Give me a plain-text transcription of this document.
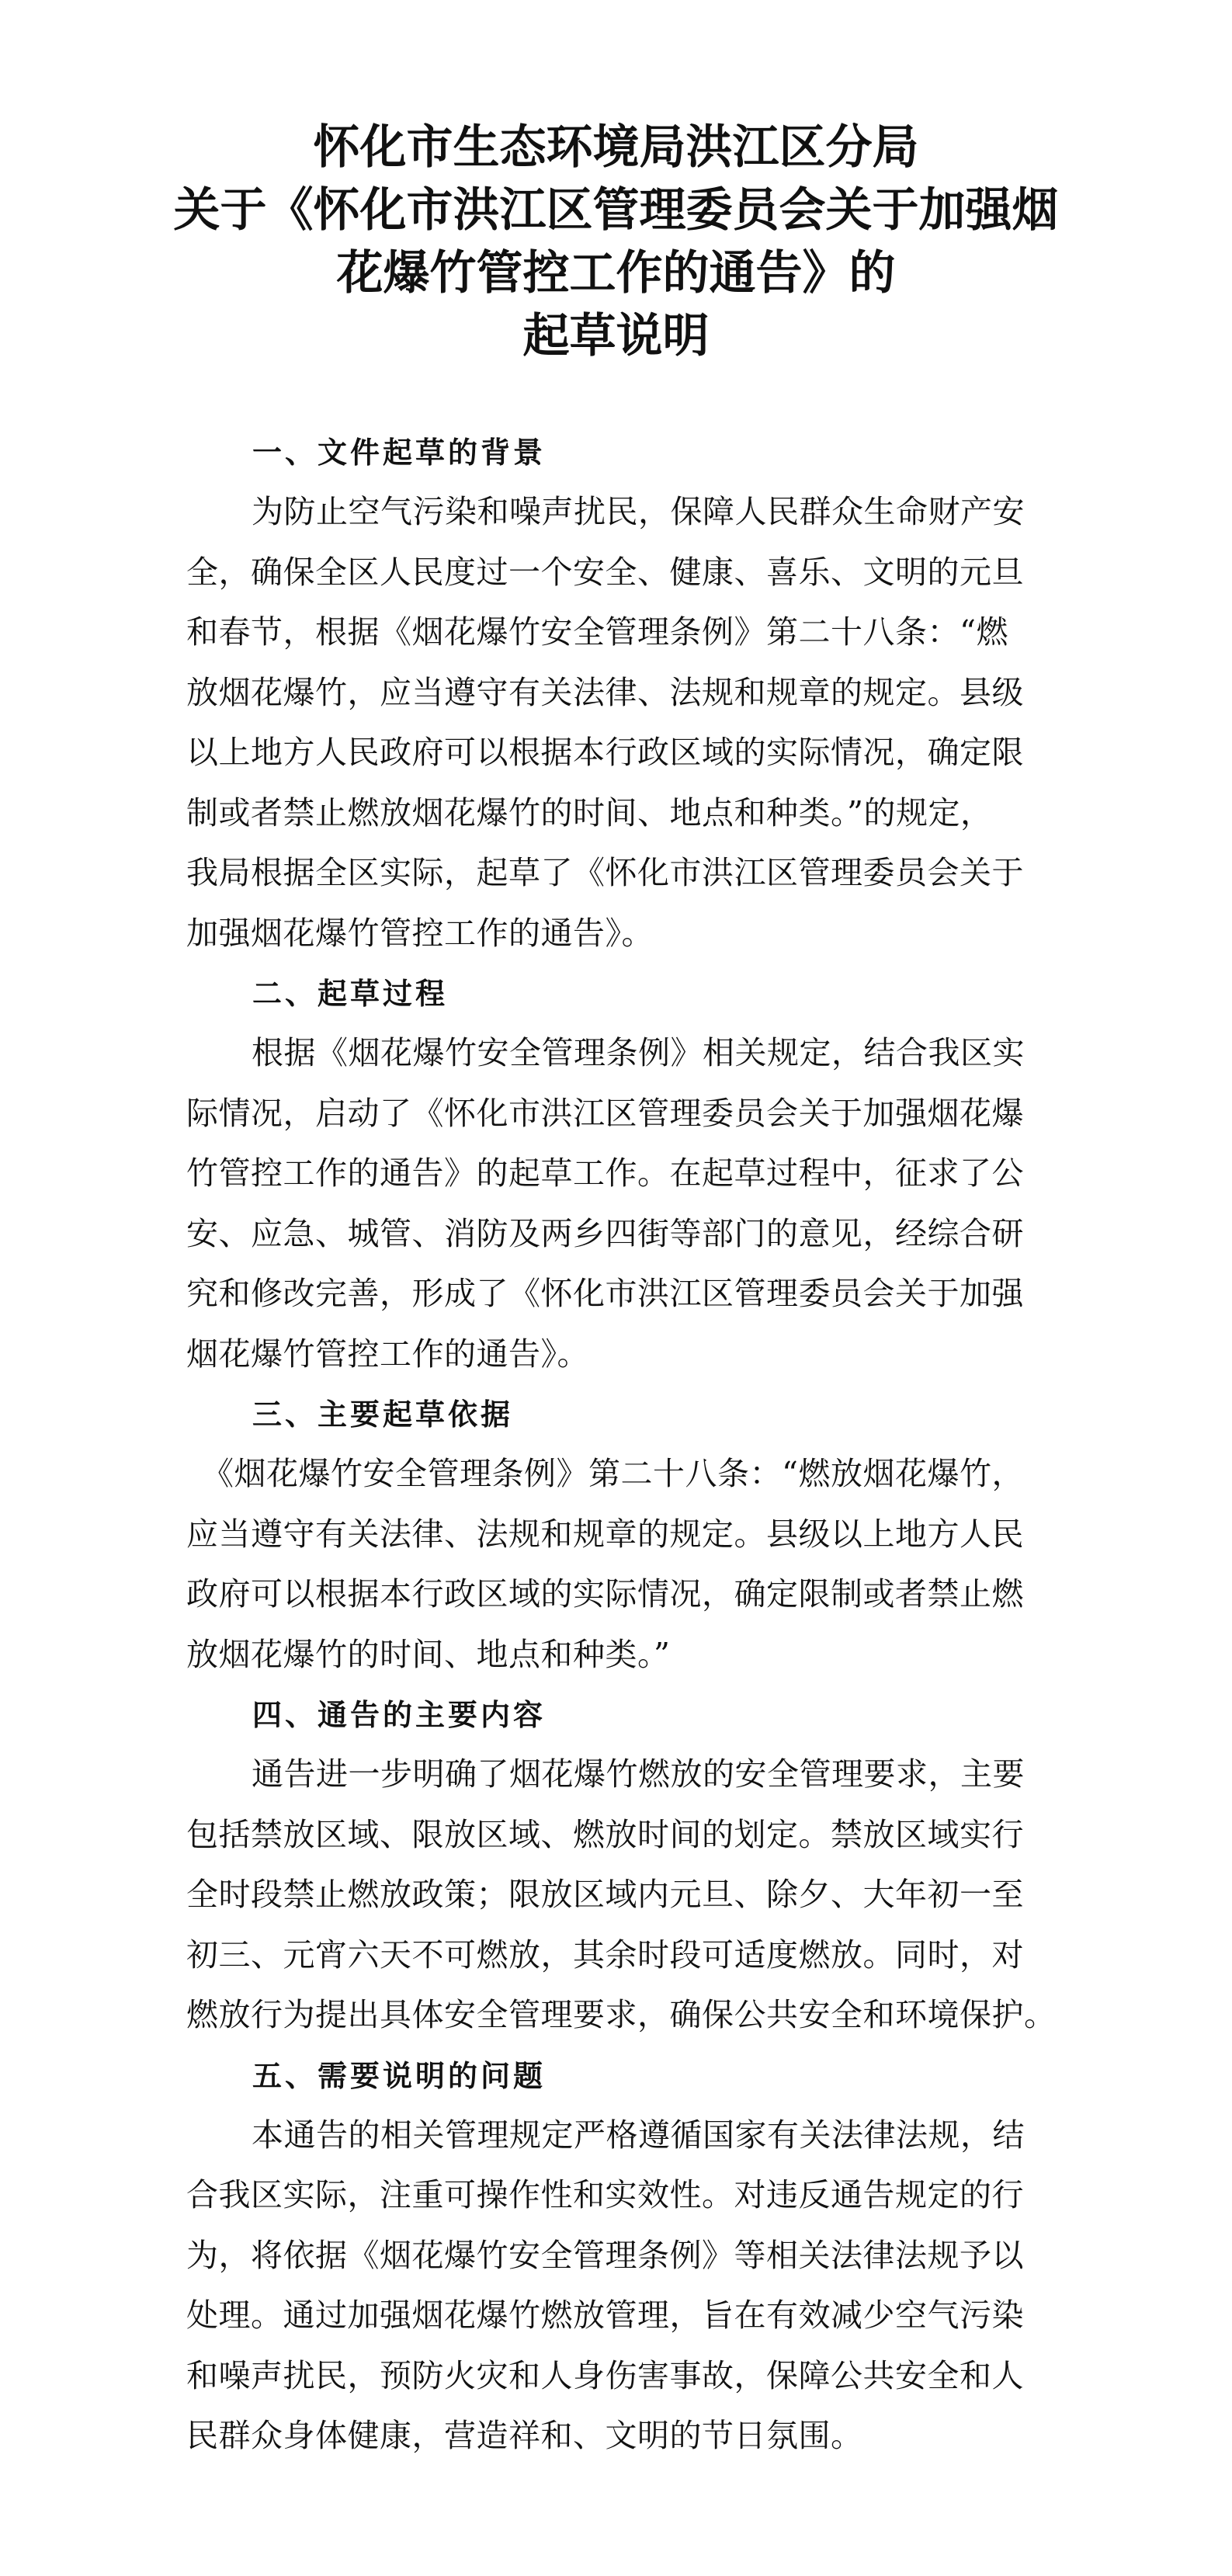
怀化市生态环境局洪江区分局
关于《怀化市洪江区管理委员会关于加强烟
花爆竹管控工作的通告》的
起草说明
一、文件起草的背景
为防止空气污染和噪声扰民，保障人民群众生命财产安
全，确保全区人民度过一个安全、健康、喜乐、文明的元旦
和春节，根据《烟花爆竹安全管理条例》第二十八条：“燃
放烟花爆竹，应当遵守有关法律、法规和规章的规定。县级
以上地方人民政府可以根据本行政区域的实际情况，确定限
制或者禁止燃放烟花爆竹的时间、地点和种类。”的规定，
我局根据全区实际，起草了《怀化市洪江区管理委员会关于
加强烟花爆竹管控工作的通告》。
二、起草过程
根据《烟花爆竹安全管理条例》相关规定，结合我区实
际情况，启动了《怀化市洪江区管理委员会关于加强烟花爆
竹管控工作的通告》的起草工作。在起草过程中，征求了公
安、应急、城管、消防及两乡四街等部门的意见，经综合研
究和修改完善，形成了《怀化市洪江区管理委员会关于加强
烟花爆竹管控工作的通告》。
三、主要起草依据
《烟花爆竹安全管理条例》第二十八条：“燃放烟花爆竹，
应当遵守有关法律、法规和规章的规定。县级以上地方人民
政府可以根据本行政区域的实际情况，确定限制或者禁止燃
放烟花爆竹的时间、地点和种类。”
四、通告的主要内容
通告进一步明确了烟花爆竹燃放的安全管理要求，主要
包括禁放区域、限放区域、燃放时间的划定。禁放区域实行
全时段禁止燃放政策；限放区域内元旦、除夕、大年初一至
初三、元宵六天不可燃放，其余时段可适度燃放。同时，对
燃放行为提出具体安全管理要求，确保公共安全和环境保护。
五、需要说明的问题
本通告的相关管理规定严格遵循国家有关法律法规，结
合我区实际，注重可操作性和实效性。对违反通告规定的行
为，将依据《烟花爆竹安全管理条例》等相关法律法规予以
处理。通过加强烟花爆竹燃放管理，旨在有效减少空气污染
和噪声扰民，预防火灾和人身伤害事故，保障公共安全和人
民群众身体健康，营造祥和、文明的节日氛围。
